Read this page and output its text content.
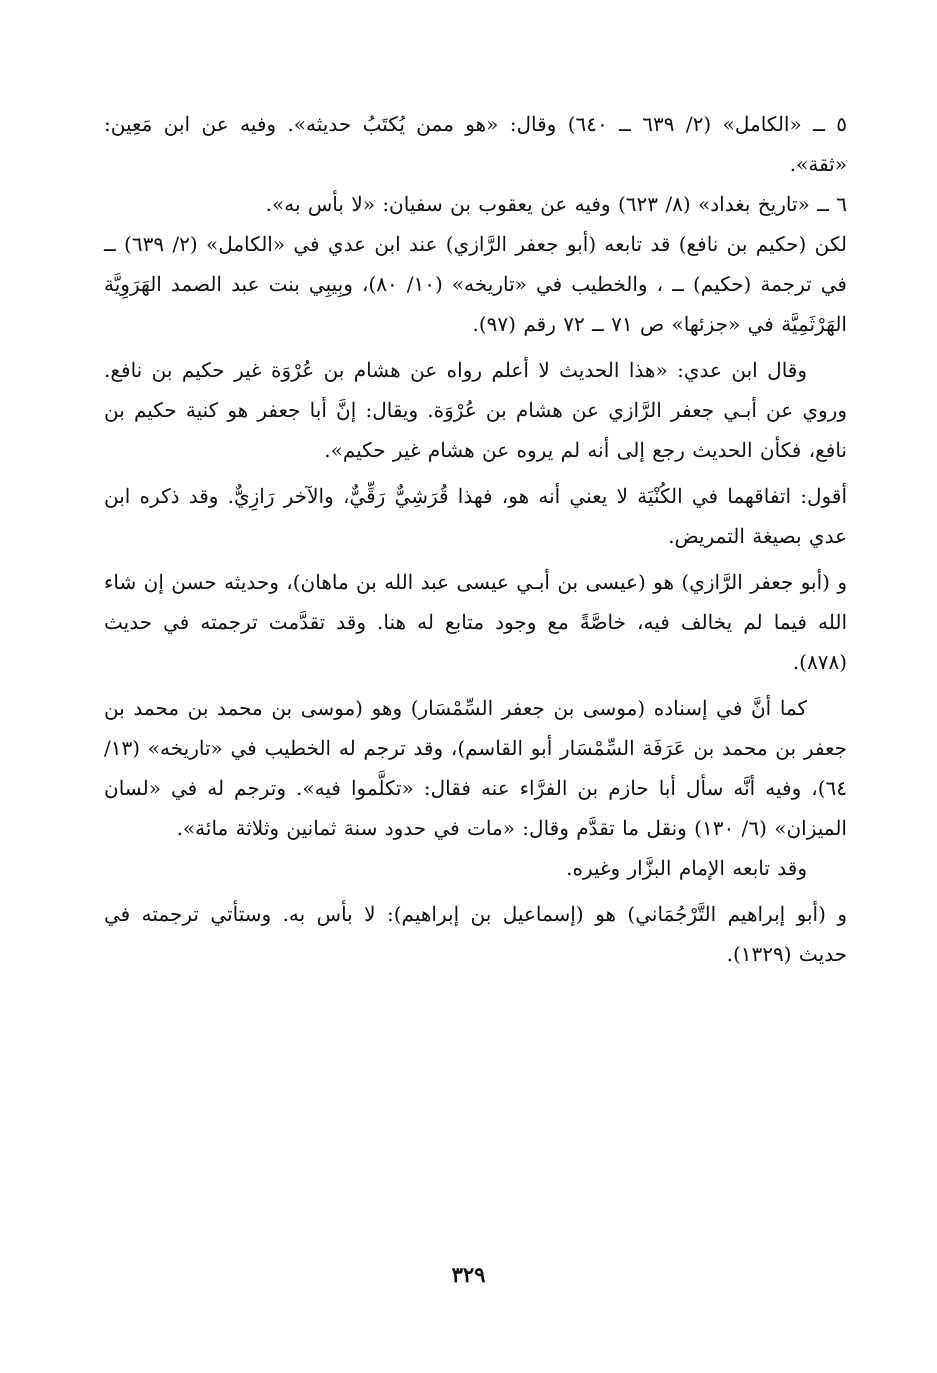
٥ ــ «الكامل» (٢/ ٦٣٩ ــ ٦٤٠) وقال: «هو ممن يُكتَبُ حديثه». وفيه عن ابن مَعِين: «ثقة».

٦ ــ «تاريخ بغداد» (٨/ ٦٢٣) وفيه عن يعقوب بن سفيان: «لا بأس به».

لكن (حكيم بن نافع) قد تابعه (أبو جعفر الرَّازي) عند ابن عدي في «الكامل» (٢/ ٦٣٩) ــ في ترجمة (حكيم) ــ ، والخطيب في «تاريخه» (١٠/ ٨٠)، وبِيبِي بنت عبد الصمد الهَرَوِيَّة الهَرْثَمِيَّة في «جزئها» ص ٧١ ــ ٧٢ رقم (٩٧).

وقال ابن عدي: «هذا الحديث لا أعلم رواه عن هشام بن عُرْوَة غير حكيم بن نافع. وروي عن أبـي جعفر الرَّازي عن هشام بن عُرْوَة. ويقال: إنَّ أبا جعفر هو كنية حكيم بن نافع، فكأن الحديث رجع إلى أنه لم يروه عن هشام غير حكيم».

أقول: اتفاقهما في الكُنْيَة لا يعني أنه هو، فهذا قُرَشِيٌّ رَقِّيٌّ، والآخر رَازِيٌّ. وقد ذكره ابن عدي بصيغة التمريض.

و (أبو جعفر الرَّازي) هو (عيسى بن أبـي عيسى عبد الله بن ماهان)، وحديثه حسن إن شاء الله فيما لم يخالف فيه، خاصَّةً مع وجود متابع له هنا. وقد تقدَّمت ترجمته في حديث (٨٧٨).

كما أنَّ في إسناده (موسى بن جعفر السِّمْسَار) وهو (موسى بن محمد بن محمد بن جعفر بن محمد بن عَرَفَة السِّمْسَار أبو القاسم)، وقد ترجم له الخطيب في «تاريخه» (١٣/ ٦٤)، وفيه أنَّه سأل أبا حازم بن الفرَّاء عنه فقال: «تكلَّموا فيه». وترجم له في «لسان الميزان» (٦/ ١٣٠) ونقل ما تقدَّم وقال: «مات في حدود سنة ثمانين وثلاثة مائة».

وقد تابعه الإمام البزَّار وغيره.

و (أبو إبراهيم التَّرْجُمَاني) هو (إسماعيل بن إبراهيم): لا بأس به. وستأتي ترجمته في حديث (١٣٢٩).

٣٢٩
